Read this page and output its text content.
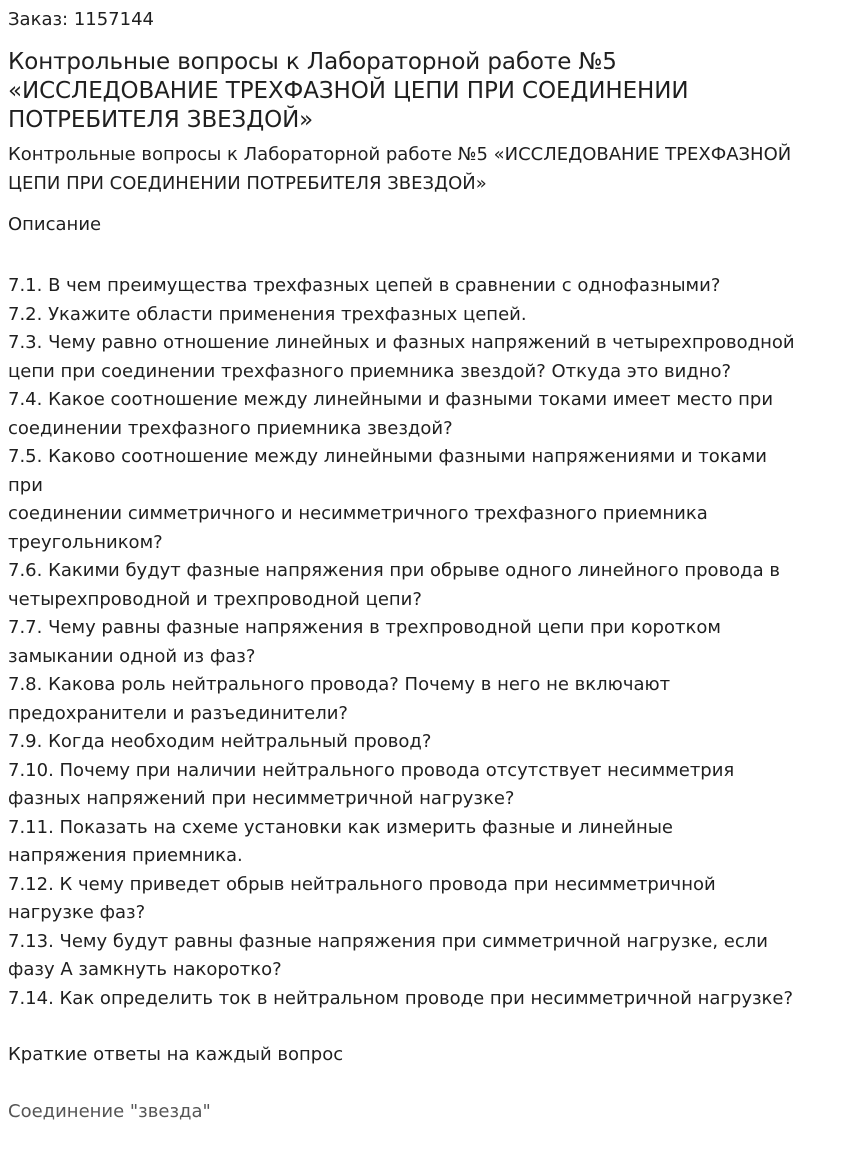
Заказ: 1157144

Контрольные вопросы к Лабораторной работе №5
«ИССЛЕДОВАНИЕ ТРЕХФАЗНОЙ ЦЕПИ ПРИ СОЕДИНЕНИИ
ПОТРЕБИТЕЛЯ ЗВЕЗДОЙ»

Контрольные вопросы к Лабораторной работе №5 «ИССЛЕДОВАНИЕ ТРЕХФАЗНОЙ
ЦЕПИ ПРИ СОЕДИНЕНИИ ПОТРЕБИТЕЛЯ ЗВЕЗДОЙ»

Описание

7.1. В чем преимущества трехфазных цепей в сравнении с однофазными?
7.2. Укажите области применения трехфазных цепей.
7.3. Чему равно отношение линейных и фазных напряжений в четырехпроводной
цепи при соединении трехфазного приемника звездой? Откуда это видно?
7.4. Какое соотношение между линейными и фазными токами имеет место при
соединении трехфазного приемника звездой?
7.5. Каково соотношение между линейными фазными напряжениями и токами
при
соединении симметричного и несимметричного трехфазного приемника
треугольником?
7.6. Какими будут фазные напряжения при обрыве одного линейного провода в
четырехпроводной и трехпроводной цепи?
7.7. Чему равны фазные напряжения в трехпроводной цепи при коротком
замыкании одной из фаз?
7.8. Какова роль нейтрального провода? Почему в него не включают
предохранители и разъединители?
7.9. Когда необходим нейтральный провод?
7.10. Почему при наличии нейтрального провода отсутствует несимметрия
фазных напряжений при несимметричной нагрузке?
7.11. Показать на схеме установки как измерить фазные и линейные
напряжения приемника.
7.12. К чему приведет обрыв нейтрального провода при несимметричной
нагрузке фаз?
7.13. Чему будут равны фазные напряжения при симметричной нагрузке, если
фазу А замкнуть накоротко?
7.14. Как определить ток в нейтральном проводе при несимметричной нагрузке?

Краткие ответы на каждый вопрос

Соединение "звезда"
